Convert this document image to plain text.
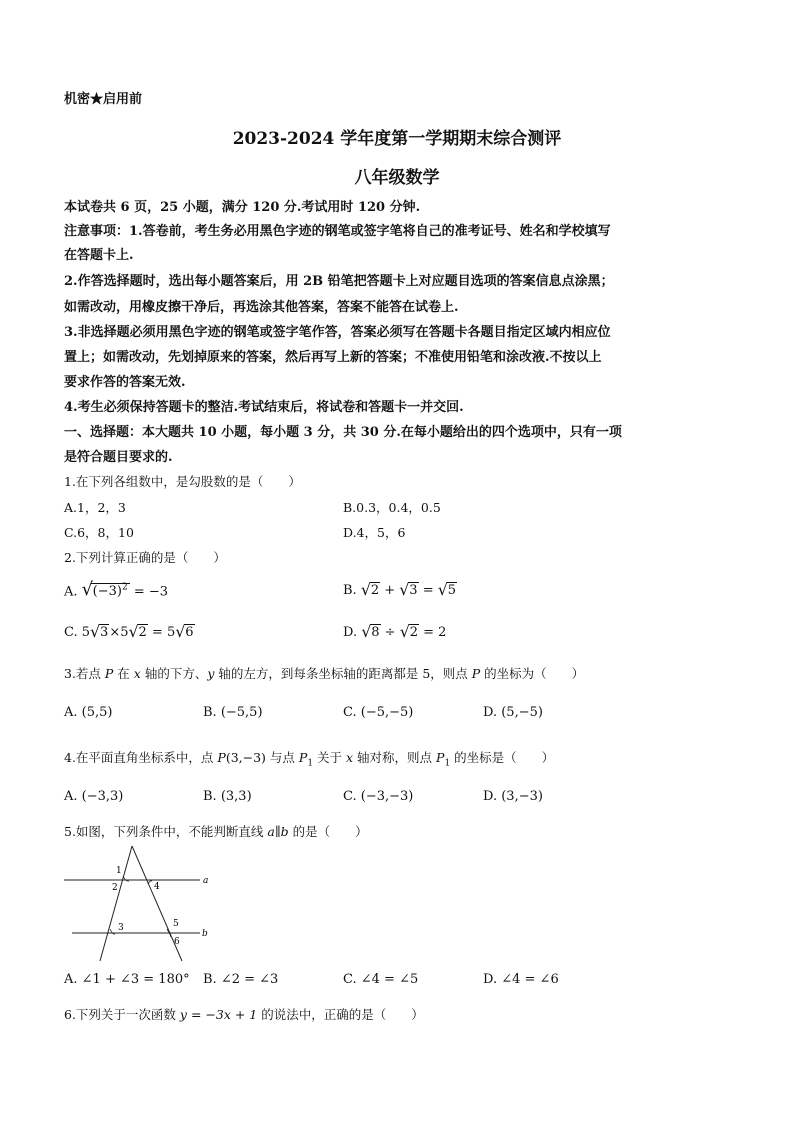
机密★启用前
2023-2024 学年度第一学期期末综合测评
八年级数学
本试卷共 6 页，25 小题，满分 120 分.考试用时 120 分钟.
注意事项：1.答卷前，考生务必用黑色字迹的钢笔或签字笔将自己的准考证号、姓名和学校填写
在答题卡上.
2.作答选择题时，选出每小题答案后，用 2B 铅笔把答题卡上对应题目选项的答案信息点涂黑；
如需改动，用橡皮擦干净后，再选涂其他答案，答案不能答在试卷上.
3.非选择题必须用黑色字迹的钢笔或签字笔作答，答案必须写在答题卡各题目指定区域内相应位
置上；如需改动，先划掉原来的答案，然后再写上新的答案；不准使用铅笔和涂改液.不按以上
要求作答的答案无效.
4.考生必须保持答题卡的整洁.考试结束后，将试卷和答题卡一并交回.
一、选择题：本大题共 10 小题，每小题 3 分，共 30 分.在每小题给出的四个选项中，只有一项
是符合题目要求的.
1.在下列各组数中，是勾股数的是（　　）
A.1，2，3	B.0.3，0.4，0.5
C.6，8，10	D.4，5，6
2.下列计算正确的是（　　）
A. √ $(-3)^2 = -3$	B. √ 2 + √ 3 = √ 5
C. 5 √ 3×5 √ 2 = 5 √ 6	D. √ 8 ÷ √ 2 = 2
3.若点 P 在 x 轴的下方、y 轴的左方，到每条坐标轴的距离都是 5，则点 P 的坐标为（　　）
A. (5,5)	B. (−5,5)	C. (−5,−5)	D. (5,−5)
4.在平面直角坐标系中，点 P(3,−3) 与点 $P_1$ 关于 x 轴对称，则点 $P_1$ 的坐标是（　　）
A. (−3,3)	B. (3,3)	C. (−3,−3)	D. (3,−3)
5.如图，下列条件中，不能判断直线 a∥b 的是（　　）
1
2	4
a
3	5
6
b
A. ∠1 + ∠3 = 180° B. ∠2 = ∠3	C. ∠4 = ∠5	D. ∠4 = ∠6
6.下列关于一次函数 y = −3x + 1 的说法中，正确的是（　　）
